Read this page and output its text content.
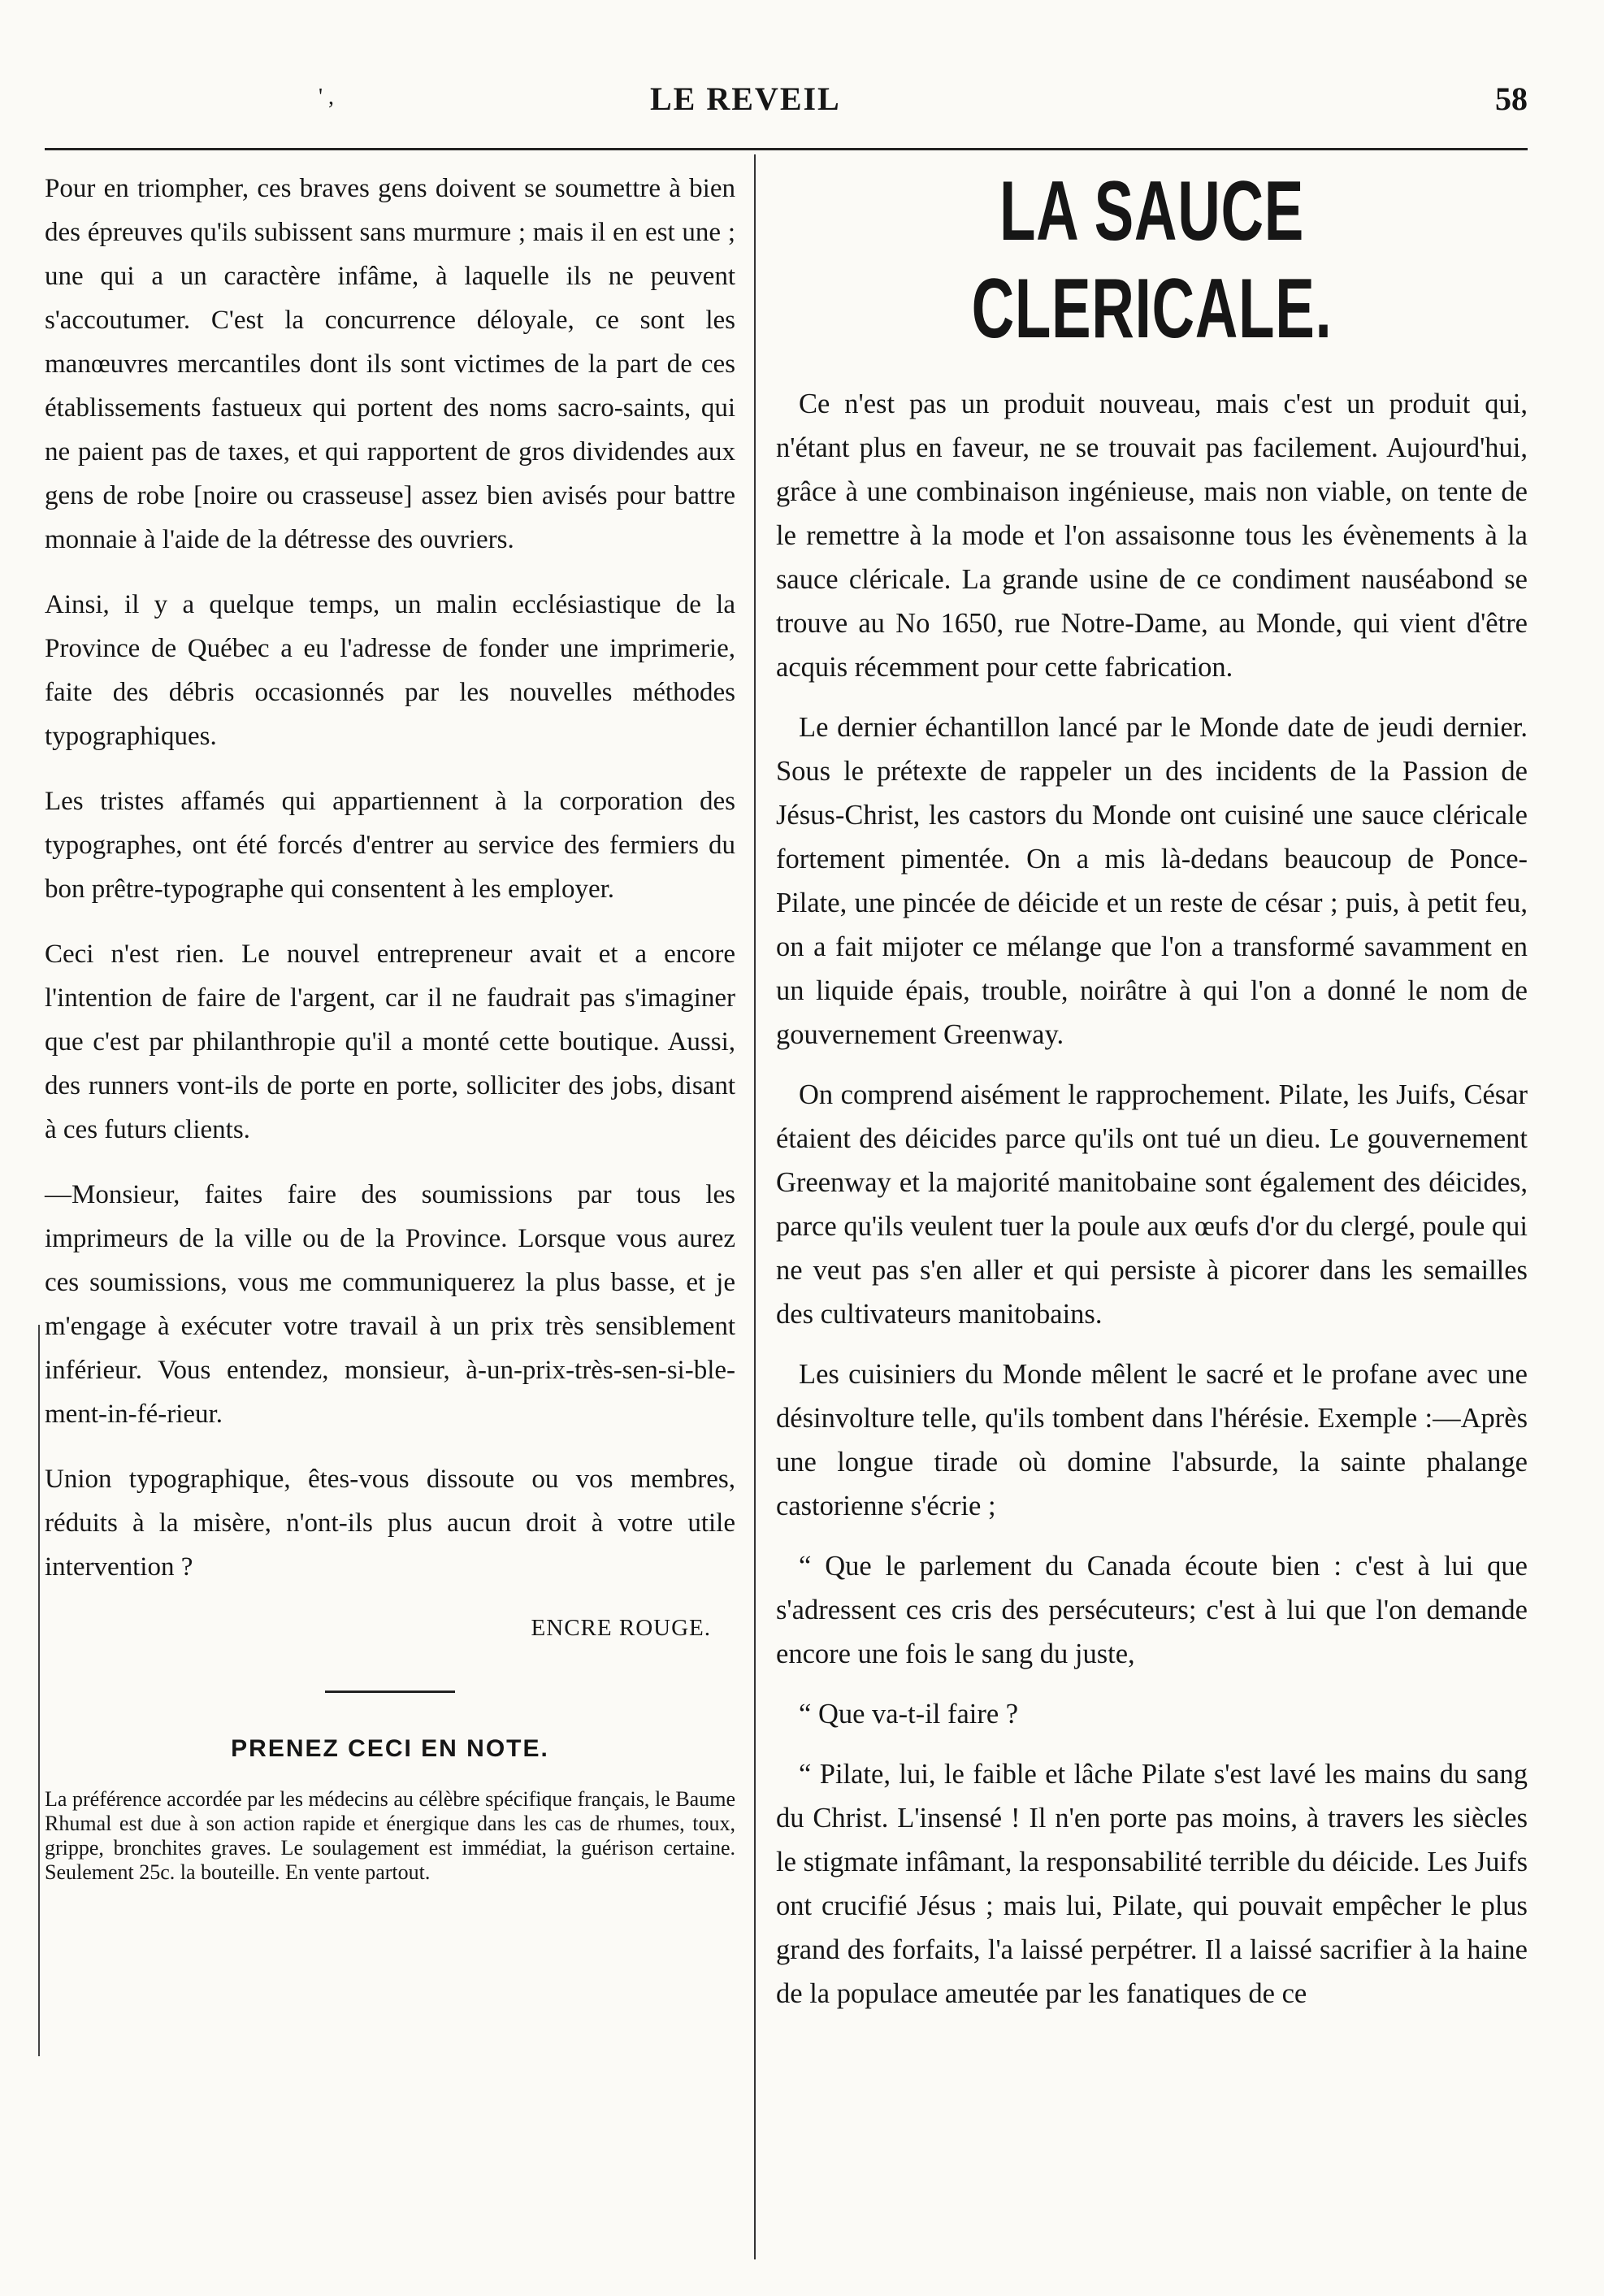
' ,	LE REVEIL	58

Pour en triompher, ces braves gens doivent se soumettre à bien des épreuves qu'ils subissent sans murmure ; mais il en est une ; une qui a un caractère infâme, à laquelle ils ne peuvent s'accoutumer. C'est la concurrence déloyale, ce sont les manœuvres mercantiles dont ils sont victimes de la part de ces établissements fastueux qui portent des noms sacro-saints, qui ne paient pas de taxes, et qui rapportent de gros dividendes aux gens de robe [noire ou crasseuse] assez bien avisés pour battre monnaie à l'aide de la détresse des ouvriers.

Ainsi, il y a quelque temps, un malin ecclésiastique de la Province de Québec a eu l'adresse de fonder une imprimerie, faite des débris occasionnés par les nouvelles méthodes typographiques.

Les tristes affamés qui appartiennent à la corporation des typographes, ont été forcés d'entrer au service des fermiers du bon prêtre-typographe qui consentent à les employer.

Ceci n'est rien. Le nouvel entrepreneur avait et a encore l'intention de faire de l'argent, car il ne faudrait pas s'imaginer que c'est par philanthropie qu'il a monté cette boutique. Aussi, des runners vont-ils de porte en porte, solliciter des jobs, disant à ces futurs clients.

—Monsieur, faites faire des soumissions par tous les imprimeurs de la ville ou de la Province. Lorsque vous aurez ces soumissions, vous me communiquerez la plus basse, et je m'engage à exécuter votre travail à un prix très sensiblement inférieur. Vous entendez, monsieur, à-un-prix-très-sen-si-ble-ment-in-fé-rieur.

Union typographique, êtes-vous dissoute ou vos membres, réduits à la misère, n'ont-ils plus aucun droit à votre utile intervention ?

ENCRE ROUGE.
PRENEZ CECI EN NOTE.

La préférence accordée par les médecins au célèbre spécifique français, le Baume Rhumal est due à son action rapide et énergique dans les cas de rhumes, toux, grippe, bronchites graves. Le soulagement est immédiat, la guérison certaine. Seulement 25c. la bouteille. En vente partout.

LA SAUCE CLERICALE.

Ce n'est pas un produit nouveau, mais c'est un produit qui, n'étant plus en faveur, ne se trouvait pas facilement. Aujourd'hui, grâce à une combinaison ingénieuse, mais non viable, on tente de le remettre à la mode et l'on assaisonne tous les évènements à la sauce cléricale. La grande usine de ce condiment nauséabond se trouve au No 1650, rue Notre-Dame, au Monde, qui vient d'être acquis récemment pour cette fabrication.

Le dernier échantillon lancé par le Monde date de jeudi dernier. Sous le prétexte de rappeler un des incidents de la Passion de Jésus-Christ, les castors du Monde ont cuisiné une sauce cléricale fortement pimentée. On a mis là-dedans beaucoup de Ponce-Pilate, une pincée de déicide et un reste de césar ; puis, à petit feu, on a fait mijoter ce mélange que l'on a transformé savamment en un liquide épais, trouble, noirâtre à qui l'on a donné le nom de gouvernement Greenway.

On comprend aisément le rapprochement. Pilate, les Juifs, César étaient des déicides parce qu'ils ont tué un dieu. Le gouvernement Greenway et la majorité manitobaine sont également des déicides, parce qu'ils veulent tuer la poule aux œufs d'or du clergé, poule qui ne veut pas s'en aller et qui persiste à picorer dans les semailles des cultivateurs manitobains.

Les cuisiniers du Monde mêlent le sacré et le profane avec une désinvolture telle, qu'ils tombent dans l'hérésie. Exemple :—Après une longue tirade où domine l'absurde, la sainte phalange castorienne s'écrie ;

“ Que le parlement du Canada écoute bien : c'est à lui que s'adressent ces cris des persécuteurs; c'est à lui que l'on demande encore une fois le sang du juste,

“ Que va-t-il faire ?

“ Pilate, lui, le faible et lâche Pilate s'est lavé les mains du sang du Christ. L'insensé ! Il n'en porte pas moins, à travers les siècles le stigmate infâmant, la responsabilité terrible du déicide. Les Juifs ont crucifié Jésus ; mais lui, Pilate, qui pouvait empêcher le plus grand des forfaits, l'a laissé perpétrer. Il a laissé sacrifier à la haine de la populace ameutée par les fanatiques de ce
